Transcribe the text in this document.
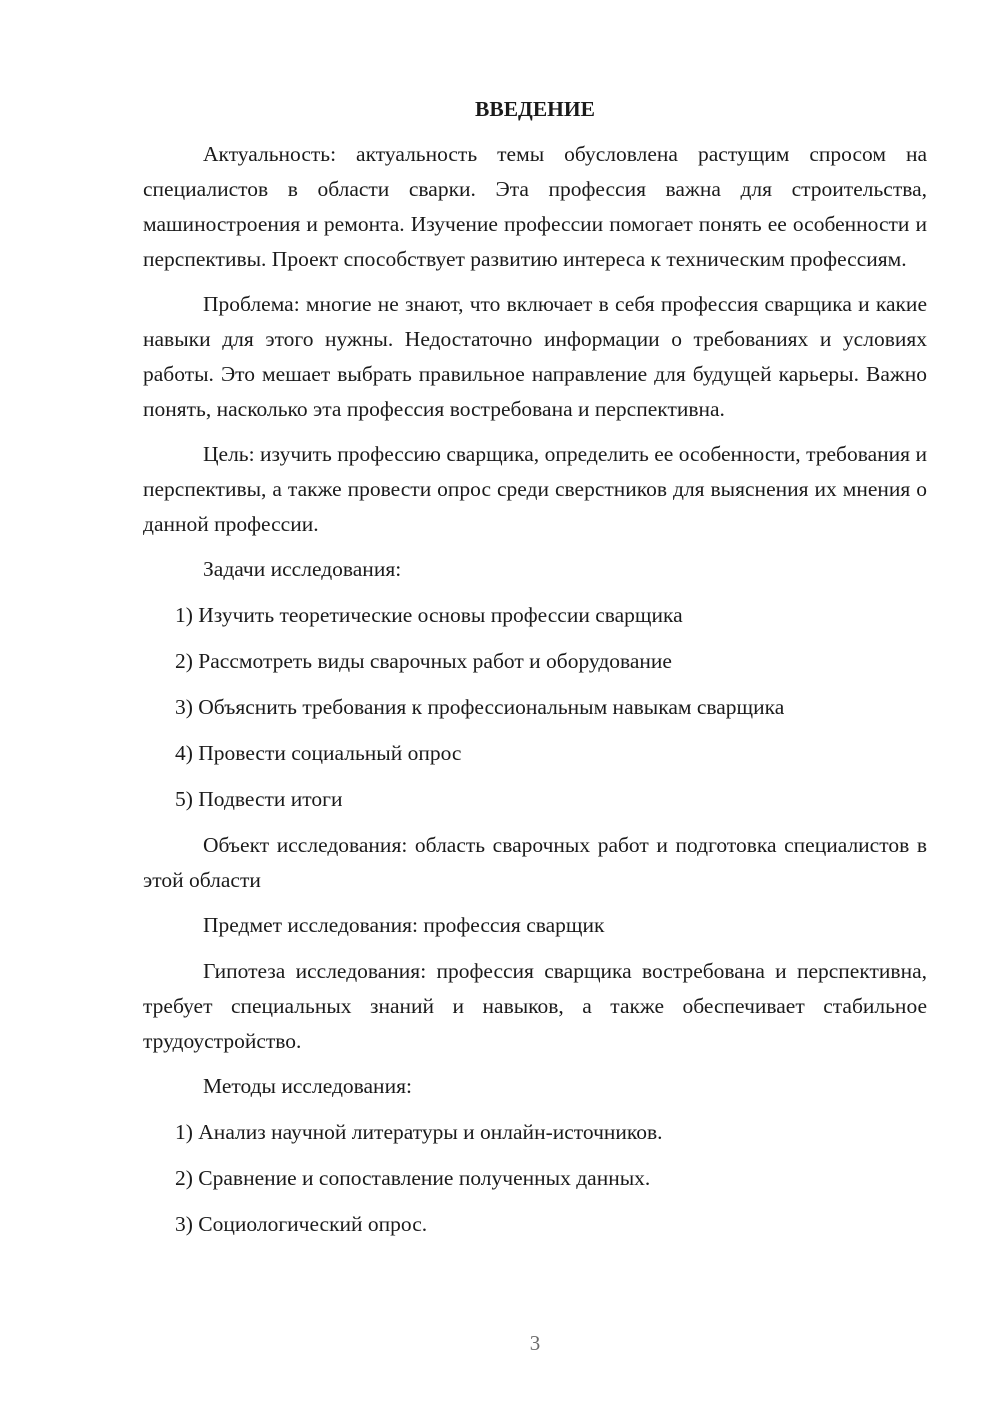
ВВЕДЕНИЕ

Актуальность: актуальность темы обусловлена растущим спросом на специалистов в области сварки. Эта профессия важна для строительства, машиностроения и ремонта. Изучение профессии помогает понять ее особенности и перспективы. Проект способствует развитию интереса к техническим профессиям.

Проблема: многие не знают, что включает в себя профессия сварщика и какие навыки для этого нужны. Недостаточно информации о требованиях и условиях работы. Это мешает выбрать правильное направление для будущей карьеры. Важно понять, насколько эта профессия востребована и перспективна.

Цель: изучить профессию сварщика, определить ее особенности, требования и перспективы, а также провести опрос среди сверстников для выяснения их мнения о данной профессии.

Задачи исследования:

1) Изучить теоретические основы профессии сварщика
2) Рассмотреть виды сварочных работ и оборудование
3) Объяснить требования к профессиональным навыкам сварщика
4) Провести социальный опрос
5) Подвести итоги

Объект исследования: область сварочных работ и подготовка специалистов в этой области

Предмет исследования: профессия сварщик

Гипотеза исследования: профессия сварщика востребована и перспективна, требует специальных знаний и навыков, а также обеспечивает стабильное трудоустройство.

Методы исследования:

1) Анализ научной литературы и онлайн-источников.
2) Сравнение и сопоставление полученных данных.
3) Социологический опрос.
3
